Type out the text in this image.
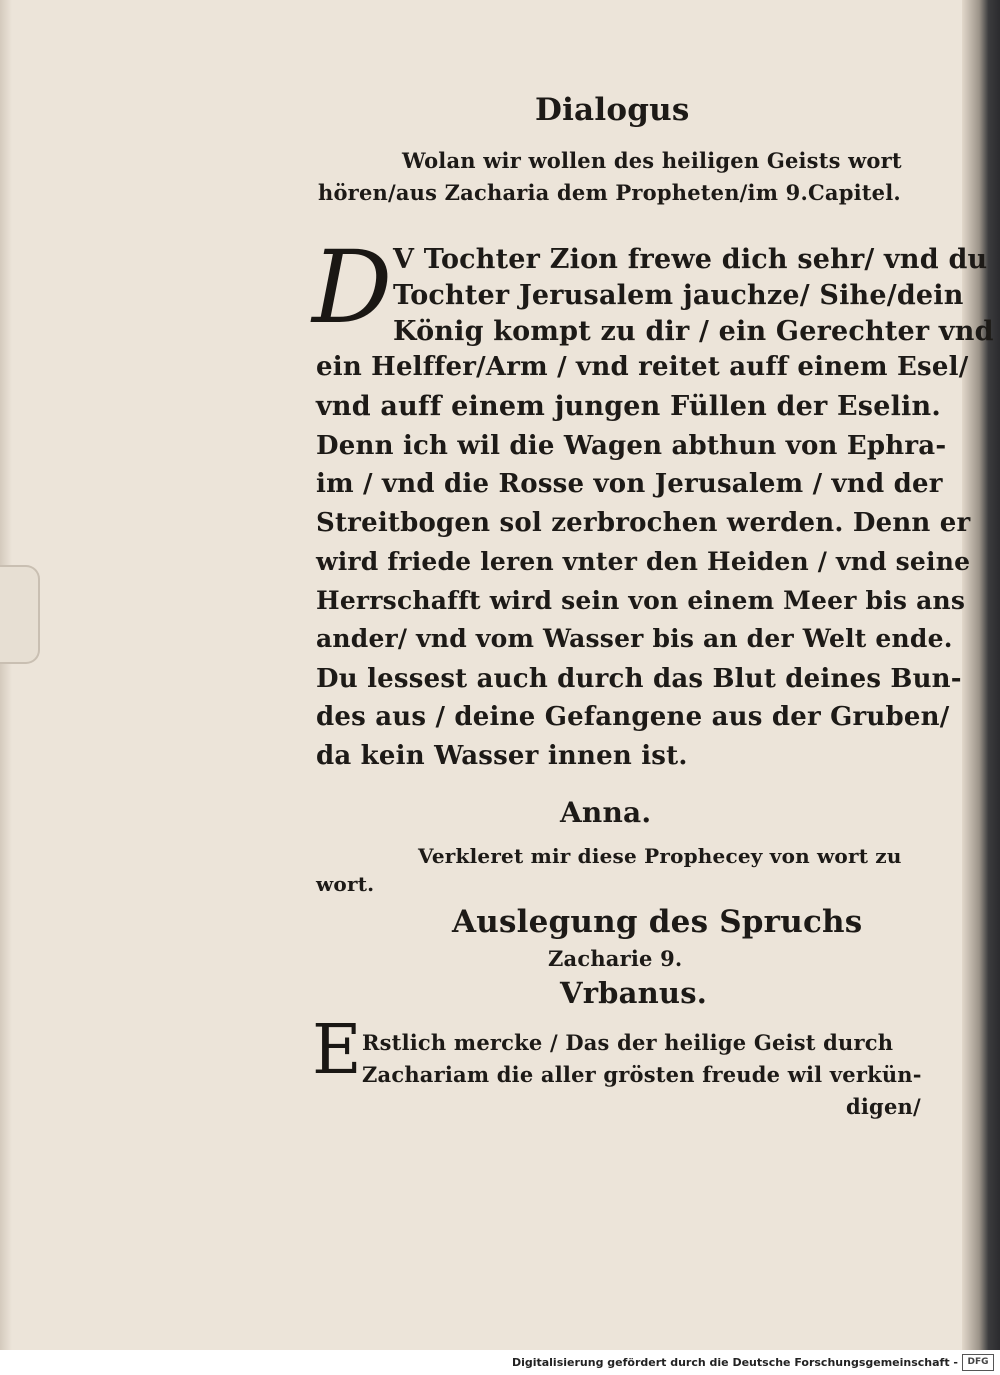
Dialogus

Wolan wir wollen des heiligen Geists wort

hören/aus Zacharia dem Propheten/im 9.Capitel.

D V Tochter Zion frewe dich sehr/ vnd du

Tochter Jerusalem jauchze/ Sihe/dein

König kompt zu dir / ein Gerechter vnd

ein Helffer/Arm / vnd reitet auff einem Esel/

vnd auff einem jungen Füllen der Eselin.

Denn ich wil die Wagen abthun von Ephra-

im / vnd die Rosse von Jerusalem / vnd der

Streitbogen sol zerbrochen werden. Denn er

wird friede leren vnter den Heiden / vnd seine

Herrschafft wird sein von einem Meer bis ans

ander/ vnd vom Wasser bis an der Welt ende.

Du lessest auch durch das Blut deines Bun-

des aus / deine Gefangene aus der Gruben/

da kein Wasser innen ist.

Anna.

Verkleret mir diese Prophecey von wort zu

wort.

Auslegung des Spruchs

Zacharie 9.

Vrbanus.

E Rstlich mercke / Das der heilige Geist durch

Zachariam die aller grösten freude wil verkün-

digen/

Digitalisierung gefördert durch die Deutsche Forschungsgemeinschaft -	DFG
